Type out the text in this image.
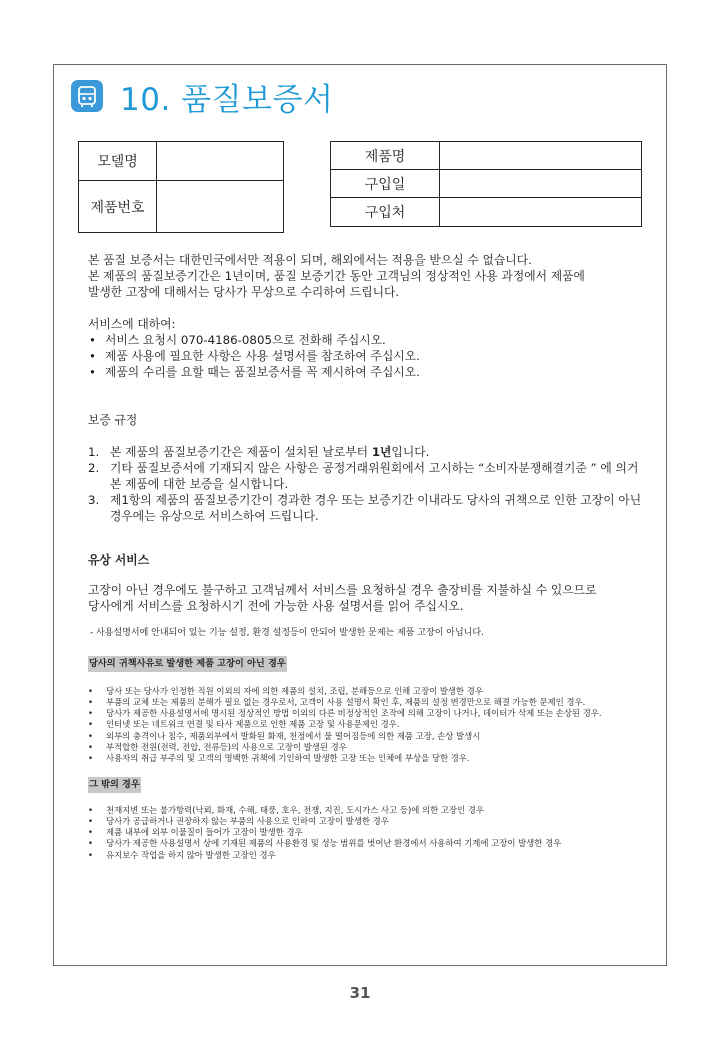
10. 품질보증서
모델명	
제품번호	
제품명	
구입일	
구입처	

본 품질 보증서는 대한민국에서만 적용이 되며, 해외에서는 적용을 받으실 수 없습니다.

본 제품의 품질보증기간은 1년이며, 품질 보증기간 동안 고객님의 정상적인 사용 과정에서 제품에

발생한 고장에 대해서는 당사가 무상으로 수리하여 드립니다.

서비스에 대하여:

• 서비스 요청시 070-4186-0805으로 전화해 주십시오.
• 제품 사용에 필요한 사항은 사용 설명서를 참조하여 주십시오.
• 제품의 수리를 요할 때는 품질보증서를 꼭 제시하여 주십시오.

보증 규정

1. 본 제품의 품질보증기간은 제품이 설치된 날로부터 1년입니다.
2. 기타 품질보증서에 기재되지 않은 사항은 공정거래위원회에서 고시하는 “소비자분쟁해결기준 ” 에 의거 본 제품에 대한 보증을 실시합니다.
3. 제1항의 제품의 품질보증기간이 경과한 경우 또는 보증기간 이내라도 당사의 귀책으로 인한 고장이 아닌 경우에는 유상으로 서비스하여 드립니다.

유상 서비스

고장이 아닌 경우에도 불구하고 고객님께서 서비스를 요청하실 경우 출장비를 지불하실 수 있으므로

당사에게 서비스를 요청하시기 전에 가능한 사용 설명서를 읽어 주십시오.

- 사용설명서에 안내되어 있는 기능 설정, 환경 설정등이 안되어 발생한 문제는 제품 고장이 아닙니다.

당사의 귀책사유로 발생한 제품 고장이 아닌 경우
• 당사 또는 당사가 인정한 직원 이외의 자에 의한 제품의 설치, 조립, 분해등으로 인해 고장이 발생한 경우
• 부품의 교체 또는 제품의 분해가 필요 없는 경우로서, 고객이 사용 설명서 확인 후, 제품의 설정 변경만으로 해결 가능한 문제인 경우.
• 당사가 제공한 사용설명서에 명시된 정상적인 방법 이외의 다른 비정상적인 조작에 의해 고장이 나거나, 데이터가 삭제 또는 손상된 경우.
• 인터넷 또는 네트워크 연결 및 타사 제품으로 인한 제품 고장 및 사용문제인 경우.
• 외부의 충격이나 침수, 제품외부에서 발화된 화재, 천정에서 물 떨어짐등에 의한 제품 고장, 손상 발생시
• 부적합한 전원(전력, 전압, 전류등)의 사용으로 고장이 발생된 경우
• 사용자의 취급 부주의 및 고객의 명백한 귀책에 기인하여 발생한 고장 또는 인체에 부상을 당한 경우.
그 밖의 경우
• 천재지변 또는 불가항력(낙뢰, 화재, 수해, 태풍, 호우, 전쟁, 지진, 도시가스 사고 등)에 의한 고장인 경우
• 당사가 공급하거나 권장하지 않는 부품의 사용으로 인하여 고장이 발생한 경우
• 제품 내부에 외부 이물질이 들어가 고장이 발생한 경우
• 당사가 제공한 사용설명서 상에 기재된 제품의 사용환경 및 성능 범위를 벗어난 환경에서 사용하여 기계에 고장이 발생한 경우
• 유지보수 작업을 하지 않아 발생한 고장인 경우
31
